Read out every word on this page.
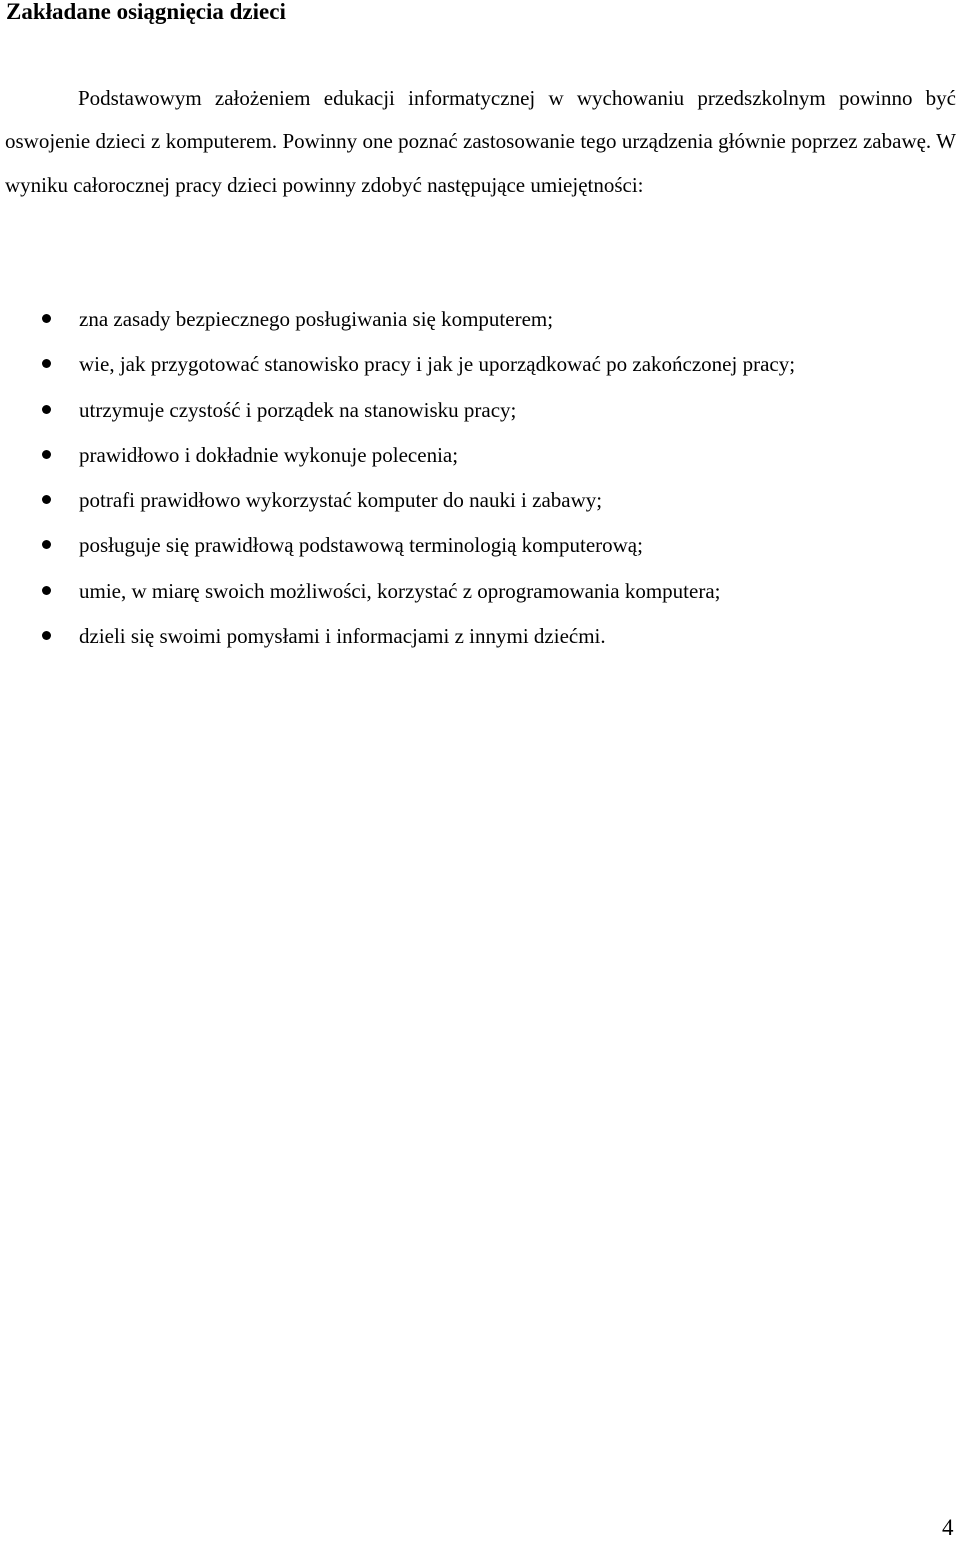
Zakładane osiągnięcia dzieci

Podstawowym założeniem edukacji informatycznej w wychowaniu przedszkolnym powinno być oswojenie dzieci z komputerem. Powinny one poznać zastosowanie tego urządzenia głównie poprzez zabawę. W wyniku całorocznej pracy dzieci powinny zdobyć następujące umiejętności:

zna zasady bezpiecznego posługiwania się komputerem;
wie, jak przygotować stanowisko pracy i jak je uporządkować po zakończonej pracy;
utrzymuje czystość i porządek na stanowisku pracy;
prawidłowo i dokładnie wykonuje polecenia;
potrafi prawidłowo wykorzystać komputer do nauki i zabawy;
posługuje się prawidłową podstawową terminologią komputerową;
umie, w miarę swoich możliwości, korzystać z oprogramowania komputera;
dzieli się swoimi pomysłami i informacjami z innymi dziećmi.
4
